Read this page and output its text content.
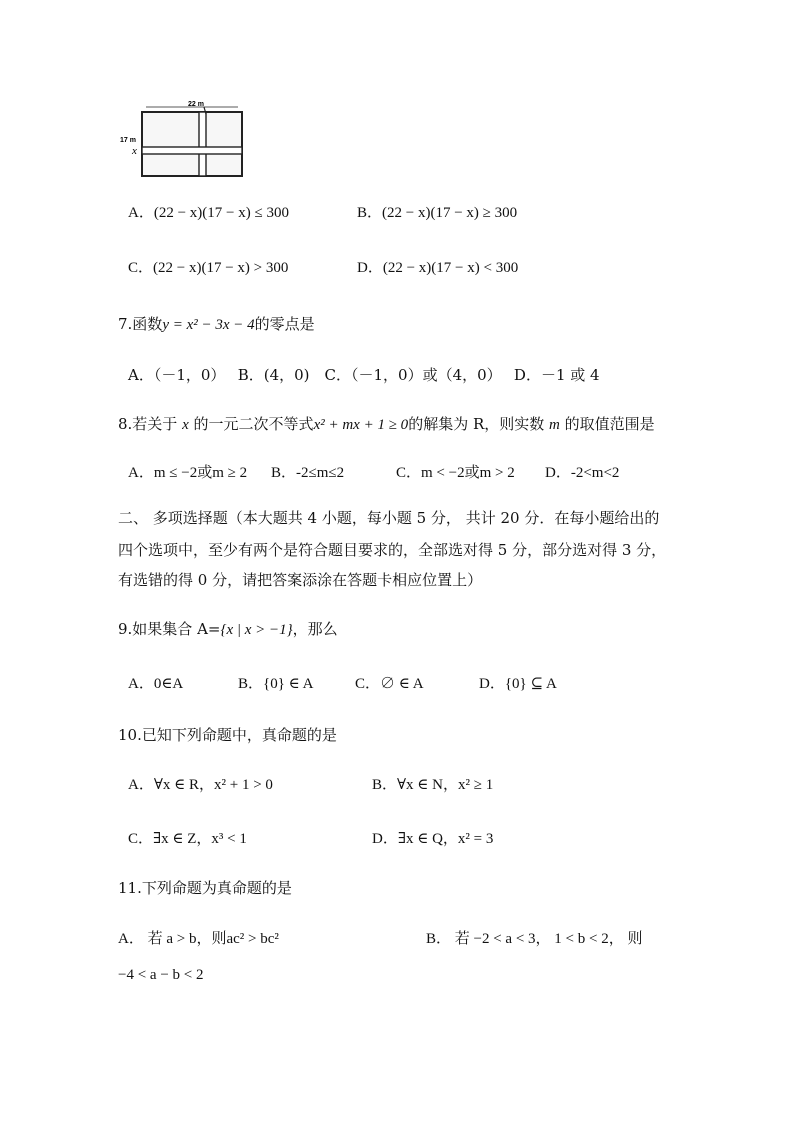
22 m
17 m
x
A．(22 − x)(17 − x) ≤ 300	B．(22 − x)(17 − x) ≥ 300
C．(22 − x)(17 − x) > 300	D．(22 − x)(17 − x) < 300
7.函数y = x² − 3x − 4的零点是
A．（－1，0）　 B．(4，0)　C．（－1，0）或（4，0）　 D．－1 或 4
8.若关于 x 的一元二次不等式x² + mx + 1 ≥ 0的解集为 R，则实数 m 的取值范围是
A．m ≤ −2或m ≥ 2 B．-2≤m≤2	C．m < −2或m > 2 D．-2<m<2
二、 多项选择题（本大题共 4 小题，每小题 5 分， 共计 20 分．在每小题给出的
四个选项中，至少有两个是符合题目要求的，全部选对得 5 分，部分选对得 3 分，
有选错的得 0 分，请把答案添涂在答题卡相应位置上）
9.如果集合 A={x | x > −1}，那么
A．0∈A	B．{0} ∈ A	C．∅ ∈ A	D．{0} ⊆ A
10.已知下列命题中，真命题的是
A．∀x ∈ R，x² + 1 > 0	B．∀x ∈ N，x² ≥ 1
C．∃x ∈ Z，x³ < 1	D．∃x ∈ Q，x² = 3
11.下列命题为真命题的是
A． 若 a > b，则ac² > bc²	B． 若 −2 < a < 3， 1 < b < 2， 则
−4 < a − b < 2
